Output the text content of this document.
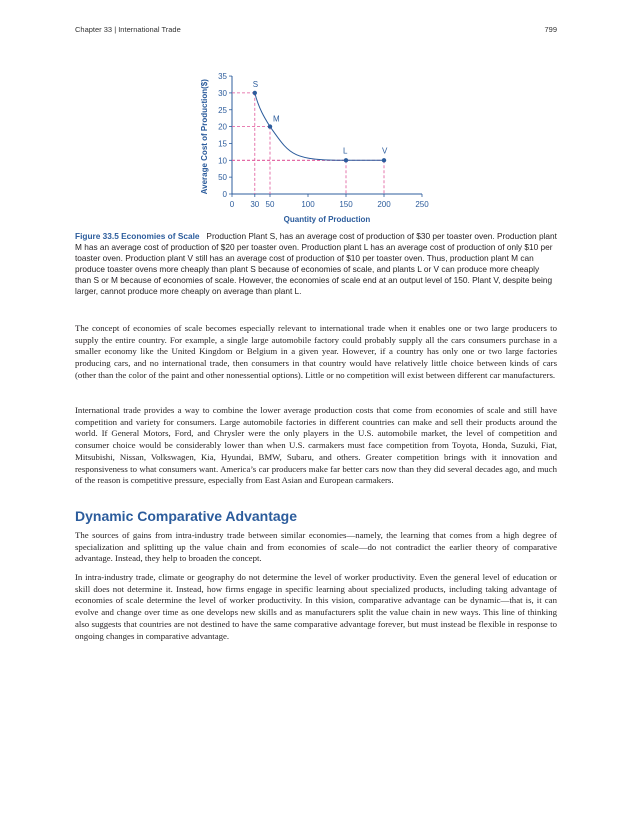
Chapter 33 | International Trade	799
0
50
10
15
20
25
30
35
0 30 50	100	150	200	250
S
M
L	V
Quantity of Production
Average Cost of Production($)

Figure 33.5 Economies of Scale Production Plant S, has an average cost of production of $30 per toaster oven. Production plant M has an average cost of production of $20 per toaster oven. Production plant L has an average cost of production of only $10 per toaster oven. Production plant V still has an average cost of production of $10 per toaster oven. Thus, production plant M can produce toaster ovens more cheaply than plant S because of economies of scale, and plants L or V can produce more cheaply than S or M because of economies of scale. However, the economies of scale end at an output level of 150. Plant V, despite being larger, cannot produce more cheaply on average than plant L.

The concept of economies of scale becomes especially relevant to international trade when it enables one or two large producers to supply the entire country. For example, a single large automobile factory could probably supply all the cars consumers purchase in a smaller economy like the United Kingdom or Belgium in a given year. However, if a country has only one or two large factories producing cars, and no international trade, then consumers in that country would have relatively little choice between kinds of cars (other than the color of the paint and other nonessential options). Little or no competition will exist between different car manufacturers.

International trade provides a way to combine the lower average production costs that come from economies of scale and still have competition and variety for consumers. Large automobile factories in different countries can make and sell their products around the world. If General Motors, Ford, and Chrysler were the only players in the U.S. automobile market, the level of competition and consumer choice would be considerably lower than when U.S. carmakers must face competition from Toyota, Honda, Suzuki, Fiat, Mitsubishi, Nissan, Volkswagen, Kia, Hyundai, BMW, Subaru, and others. Greater competition brings with it innovation and responsiveness to what consumers want. America’s car producers make far better cars now than they did several decades ago, and much of the reason is competitive pressure, especially from East Asian and European carmakers.

Dynamic Comparative Advantage

The sources of gains from intra-industry trade between similar economies—namely, the learning that comes from a high degree of specialization and splitting up the value chain and from economies of scale—do not contradict the earlier theory of comparative advantage. Instead, they help to broaden the concept.

In intra-industry trade, climate or geography do not determine the level of worker productivity. Even the general level of education or skill does not determine it. Instead, how firms engage in specific learning about specialized products, including taking advantage of economies of scale determine the level of worker productivity. In this vision, comparative advantage can be dynamic—that is, it can evolve and change over time as one develops new skills and as manufacturers split the value chain in new ways. This line of thinking also suggests that countries are not destined to have the same comparative advantage forever, but must instead be flexible in response to ongoing changes in comparative advantage.
